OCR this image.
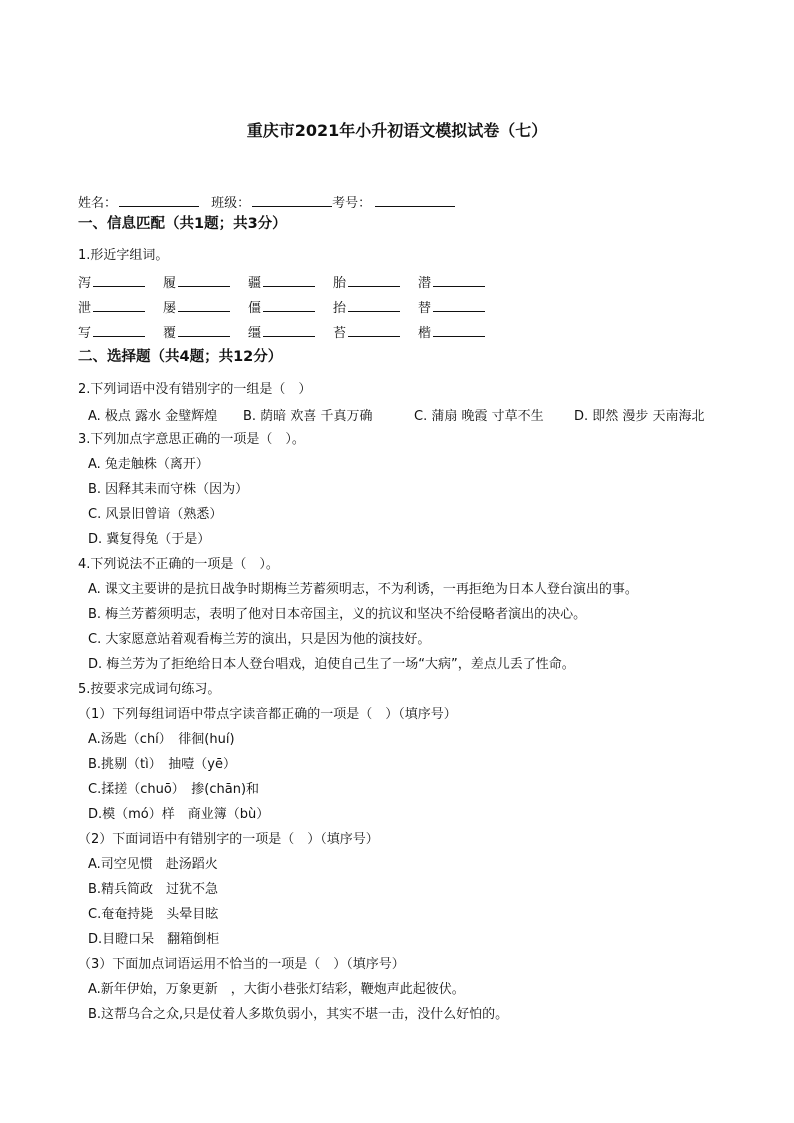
重庆市2021年小升初语文模拟试卷（七）
姓名：	班级：	考号：
一、信息匹配（共1题；共3分）
1.形近字组词。
泻	履	疆	胎	潜
泄	屡	僵	抬	替
写	覆	缰	苔	楷
二、选择题（共4题；共12分）
2.下列词语中没有错别字的一组是（　）
A. 极点 露水 金璧辉煌 B. 荫暗 欢喜 千真万确	C. 蒲扇 晚霞 寸草不生 D. 即然 漫步 天南海北
3.下列加点字意思正确的一项是（　）。
A. 兔走触株（离开）
B. 因释其耒而守株（因为）
C. 风景旧曾谙（熟悉）
D. 冀复得兔（于是）
4.下列说法不正确的一项是（　）。
A. 课文主要讲的是抗日战争时期梅兰芳蓄须明志，不为利诱，一再拒绝为日本人登台演出的事。
B. 梅兰芳蓄须明志，表明了他对日本帝国主，义的抗议和坚决不给侵略者演出的决心。
C. 大家愿意站着观看梅兰芳的演出，只是因为他的演技好。
D. 梅兰芳为了拒绝给日本人登台唱戏，迫使自己生了一场“大病”，差点儿丢了性命。
5.按要求完成词句练习。
（1）下列每组词语中带点字读音都正确的一项是（　）（填序号）
A.汤匙（chí）　徘徊(huí)
B.挑剔（tì）　抽噎（yē）
C.揉搓（chuō）　掺(chān)和
D.模（mó）样　商业簿（bù）
（2）下面词语中有错别字的一项是（　）（填序号）
A.司空见惯　赴汤蹈火
B.精兵简政　过犹不急
C.奄奄持毙　头晕目眩
D.目瞪口呆　翻箱倒柜
（3）下面加点词语运用不恰当的一项是（　）（填序号）
A.新年伊始，万象更新　，大街小巷张灯结彩，鞭炮声此起彼伏。
B.这帮乌合之众,只是仗着人多欺负弱小，其实不堪一击，没什么好怕的。
